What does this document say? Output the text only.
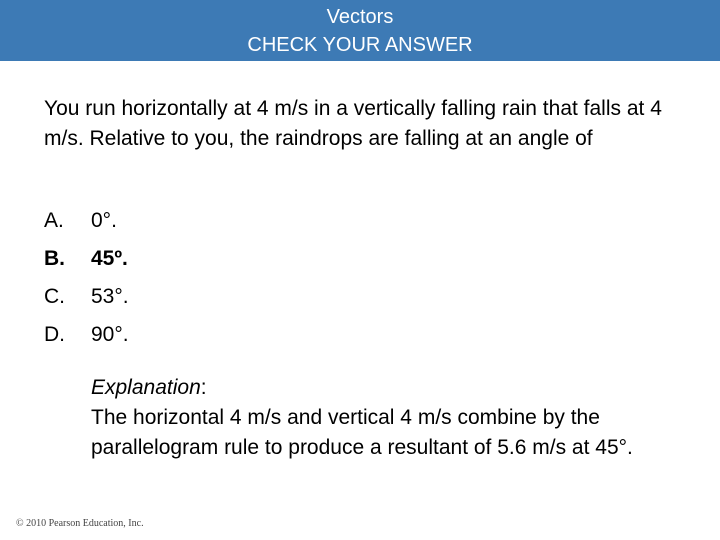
Vectors
CHECK YOUR ANSWER
You run horizontally at 4 m/s in a vertically falling rain that falls at 4 m/s. Relative to you, the raindrops are falling at an angle of
A.	0°.
B.	45º.
C.	53°.
D.	90°.
Explanation:
The horizontal 4 m/s and vertical 4 m/s combine by the parallelogram rule to produce a resultant of 5.6 m/s at 45°.
© 2010 Pearson Education, Inc.
